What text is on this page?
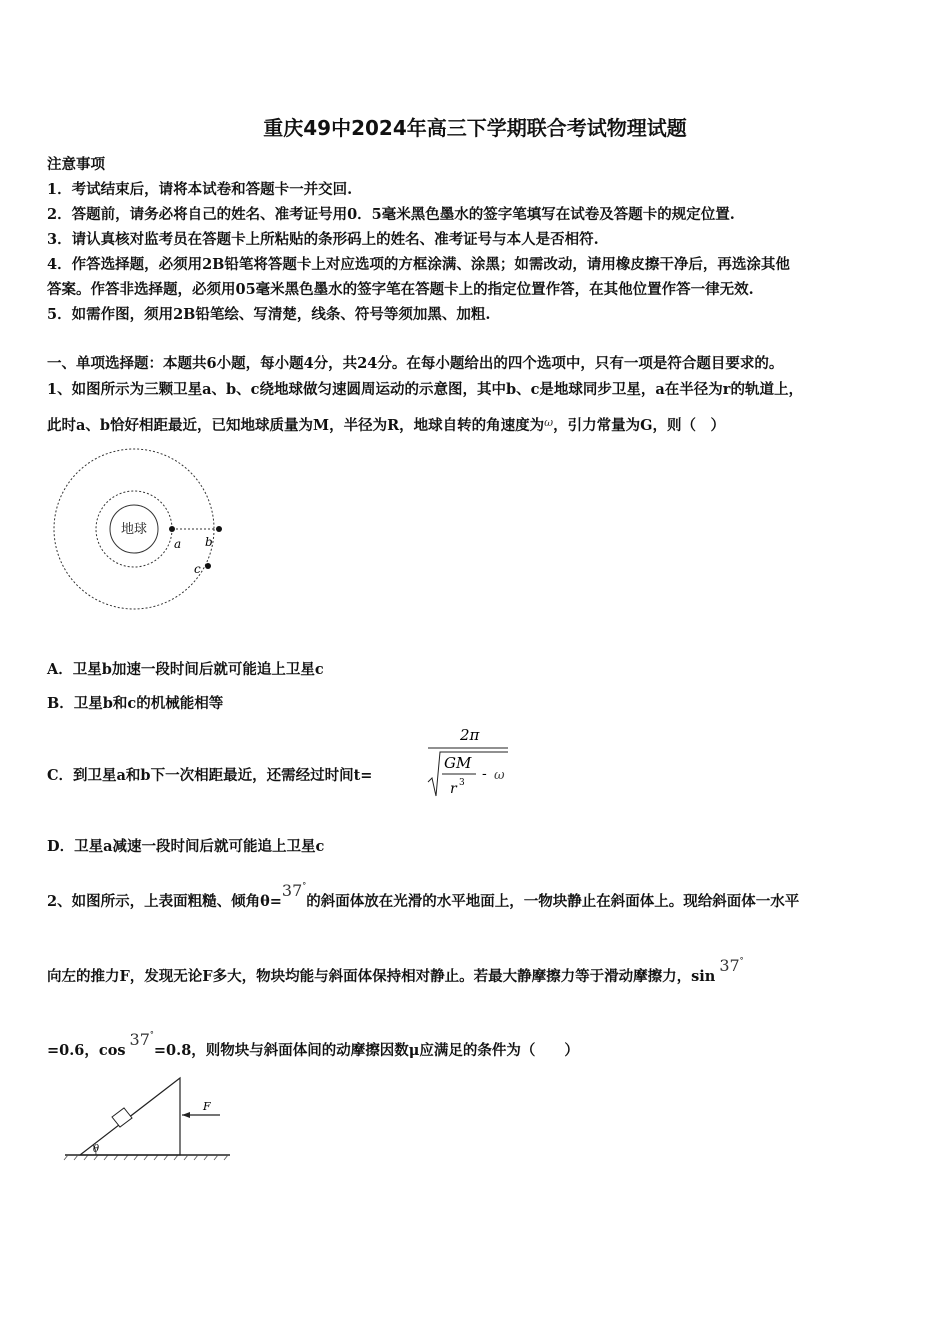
重庆49中2024年高三下学期联合考试物理试题
注意事项
1．考试结束后，请将本试卷和答题卡一并交回.
2．答题前，请务必将自己的姓名、准考证号用0．5毫米黑色墨水的签字笔填写在试卷及答题卡的规定位置.
3．请认真核对监考员在答题卡上所粘贴的条形码上的姓名、准考证号与本人是否相符.
4．作答选择题，必须用2B铅笔将答题卡上对应选项的方框涂满、涂黑；如需改动，请用橡皮擦干净后，再选涂其他
答案。作答非选择题，必须用05毫米黑色墨水的签字笔在答题卡上的指定位置作答，在其他位置作答一律无效.
5．如需作图，须用2B铅笔绘、写清楚，线条、符号等须加黑、加粗.
一、单项选择题：本题共6小题，每小题4分，共24分。在每小题给出的四个选项中，只有一项是符合题目要求的。
1、如图所示为三颗卫星a、b、c绕地球做匀速圆周运动的示意图，其中b、c是地球同步卫星，a在半径为r的轨道上，
此时a、b恰好相距最近，已知地球质量为M，半径为R，地球自转的角速度为$^\omega$，引力常量为G，则（　）
地球
a b
c
A．卫星b加速一段时间后就可能追上卫星c
B．卫星b和c的机械能相等
C．到卫星a和b下一次相距最近，还需经过时间t=
2π
GM
r 3
- ω
D．卫星a减速一段时间后就可能追上卫星c
2、如图所示，上表面粗糙、倾角θ=37°的斜面体放在光滑的水平地面上，一物块静止在斜面体上。现给斜面体一水平
向左的推力F，发现无论F多大，物块均能与斜面体保持相对静止。若最大静摩擦力等于滑动摩擦力，sin37°
=0.6，cos37°=0.8，则物块与斜面体间的动摩擦因数μ应满足的条件为（　　）
F
θ
